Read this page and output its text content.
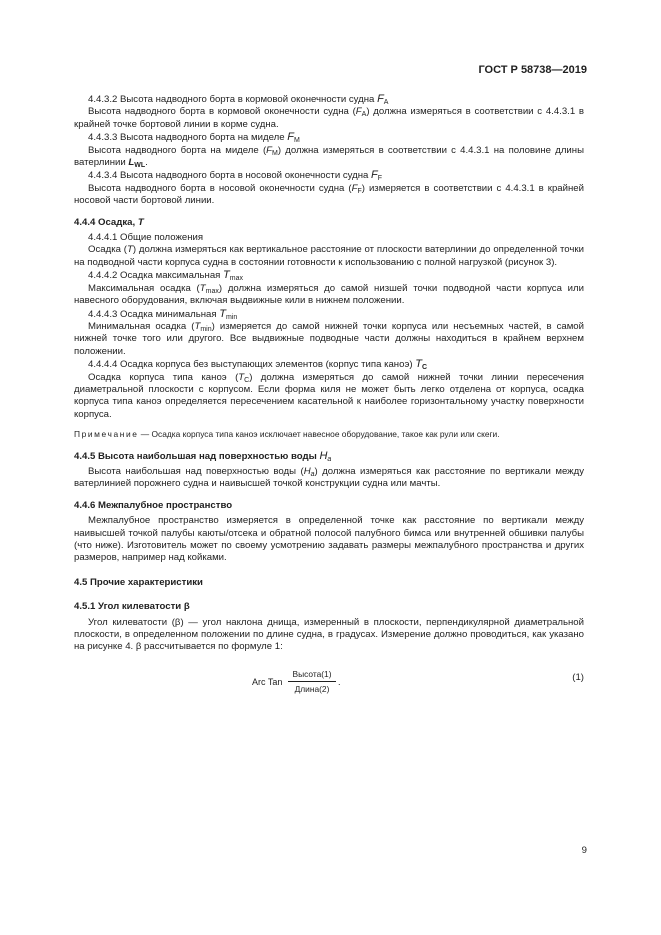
ГОСТ Р 58738—2019

4.4.3.2 Высота надводного борта в кормовой оконечности судна $F_A$

Высота надводного борта в кормовой оконечности судна $(F_A)$ должна измеряться в соответствии с 4.4.3.1 в крайней точке бортовой линии в корме судна.

4.4.3.3 Высота надводного борта на миделе $F_M$

Высота надводного борта на миделе $(F_M)$ должна измеряться в соответствии с 4.4.3.1 на половине длины ватерлинии $L_{WL}$.

4.4.3.4 Высота надводного борта в носовой оконечности судна $F_F$

Высота надводного борта в носовой оконечности судна $(F_F)$ измеряется в соответствии с 4.4.3.1 в крайней носовой части бортовой линии.

4.4.4 Осадка, T

4.4.4.1 Общие положения

Осадка (T) должна измеряться как вертикальное расстояние от плоскости ватерлинии до определенной точки на подводной части корпуса судна в состоянии готовности к использованию с полной нагрузкой (рисунок 3).

4.4.4.2 Осадка максимальная $T_{max}$

Максимальная осадка $(T_{max})$ должна измеряться до самой низшей точки подводной части корпуса или навесного оборудования, включая выдвижные кили в нижнем положении.

4.4.4.3 Осадка минимальная $T_{min}$

Минимальная осадка $(T_{min})$ измеряется до самой нижней точки корпуса или несъемных частей, в самой нижней точке того или другого. Все выдвижные подводные части должны находиться в крайнем верхнем положении.

4.4.4.4 Осадка корпуса без выступающих элементов (корпус типа каноэ) $T_C$

Осадка корпуса типа каноэ $(T_C)$ должна измеряться до самой нижней точки линии пересечения диаметральной плоскости с корпусом. Если форма киля не может быть легко отделена от корпуса, осадка корпуса типа каноэ определяется пересечением касательной к наиболее горизонтальному участку поверхности корпуса.

Примечание — Осадка корпуса типа каноэ исключает навесное оборудование, такое как рули или скеги.

4.4.5 Высота наибольшая над поверхностью воды $H_a$

Высота наибольшая над поверхностью воды $(H_a)$ должна измеряться как расстояние по вертикали между ватерлинией порожнего судна и наивысшей точкой конструкции судна или мачты.

4.4.6 Межпалубное пространство

Межпалубное пространство измеряется в определенной точке как расстояние по вертикали между наивысшей точкой палубы каюты/отсека и обратной полосой палубного бимса или внутренней обшивки палубы (что ниже). Изготовитель может по своему усмотрению задавать размеры межпалубного пространства и других размеров, например над койками.

4.5 Прочие характеристики

4.5.1 Угол килеватости β

Угол килеватости (β) — угол наклона днища, измеренный в плоскости, перпендикулярной диаметральной плоскости, в определенном положении по длине судна, в градусах. Измерение должно проводиться, как указано на рисунке 4. β рассчитывается по формуле 1:

Arc Tan
Высота(1)
Длина(2)
.	(1)
9
